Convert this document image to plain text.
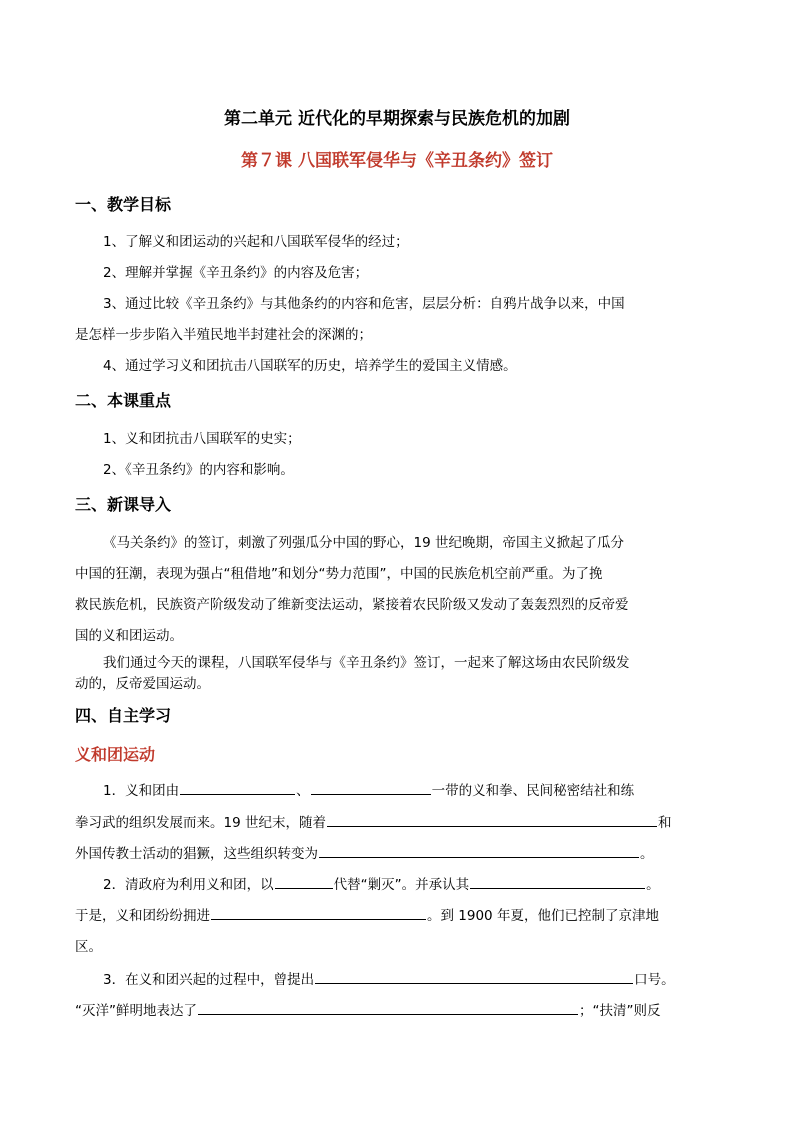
第二单元 近代化的早期探索与民族危机的加剧
第７课 八国联军侵华与《辛丑条约》签订
一、教学目标
1、了解义和团运动的兴起和八国联军侵华的经过；
2、理解并掌握《辛丑条约》的内容及危害；
3、通过比较《辛丑条约》与其他条约的内容和危害，层层分析：自鸦片战争以来，中国
是怎样一步步陷入半殖民地半封建社会的深渊的；
4、通过学习义和团抗击八国联军的历史，培养学生的爱国主义情感。
二、本课重点
1、义和团抗击八国联军的史实；
2、《辛丑条约》的内容和影响。
三、新课导入
《马关条约》的签订，刺激了列强瓜分中国的野心，19 世纪晚期，帝国主义掀起了瓜分
中国的狂潮，表现为强占“租借地”和划分“势力范围”，中国的民族危机空前严重。为了挽
救民族危机，民族资产阶级发动了维新变法运动，紧接着农民阶级又发动了轰轰烈烈的反帝爱
国的义和团运动。
我们通过今天的课程，八国联军侵华与《辛丑条约》签订，一起来了解这场由农民阶级发
动的，反帝爱国运动。
四、自主学习
义和团运动
1．义和团由	、	一带的义和拳、民间秘密结社和练
拳习武的组织发展而来。19 世纪末，随着	和
外国传教士活动的猖獗，这些组织转变为	。
2．清政府为利用义和团，以	代替“剿灭”。并承认其	。
于是，义和团纷纷拥进	。到 1900 年夏，他们已控制了京津地
区。
3．在义和团兴起的过程中，曾提出	口号。
“灭洋”鲜明地表达了	；“扶清”则反
